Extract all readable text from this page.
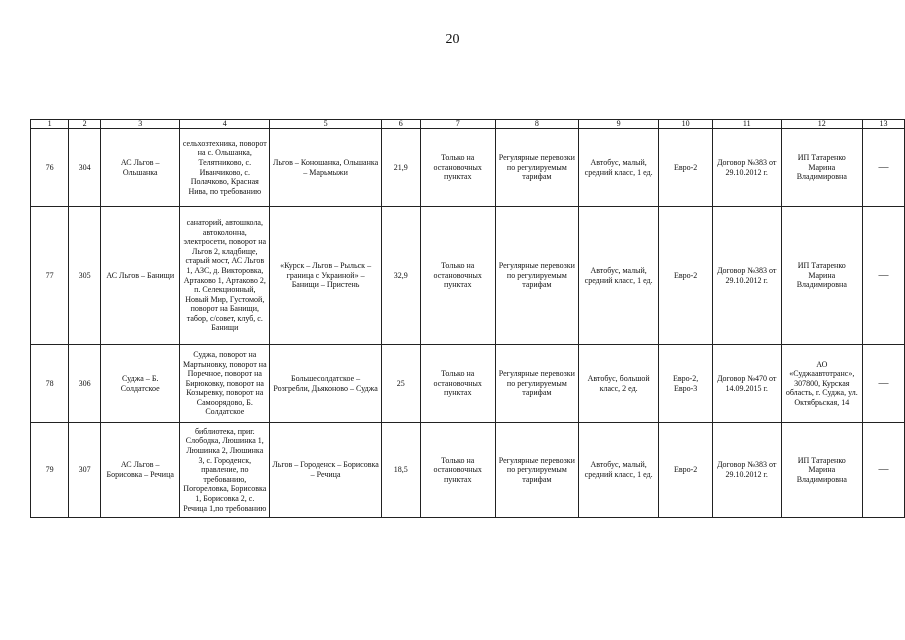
20
1	2	3	4	5	6	7	8	9	10	11	12	13
76	304	АС Льгов – Ольшанка	сельхозтехника, поворот на с. Ольшанка, Телятниково, с. Иванчиково, с. Полачково, Красная Нива, по требованию	Льгов – Коношанка, Ольшанка – Марьмыжи	21,9	Только на остановочных пунктах	Регулярные перевозки по регулируемым тарифам	Автобус, малый, средний класс, 1 ед.	Евро-2	Договор №383 от 29.10.2012 г.	ИП Татаренко Марина Владимировна	—
77	305	АС Льгов – Банищи	санаторий, автошкола, автоколонна, электросети, поворот на Льгов 2, кладбище, старый мост, АС Льгов 1, АЗС, д. Викторовка, Артаково 1, Артаково 2, п. Селекционный, Новый Мир, Густомой, поворот на Банищи, табор, с/совет, клуб, с. Банищи	«Курск – Льгов – Рыльск – граница с Украиной» – Банищи – Пристень	32,9	Только на остановочных пунктах	Регулярные перевозки по регулируемым тарифам	Автобус, малый, средний класс, 1 ед.	Евро-2	Договор №383 от 29.10.2012 г.	ИП Татаренко Марина Владимировна	—
78	306	Суджа – Б. Солдатское	Суджа, поворот на Мартыновку, поворот на Поречное, поворот на Бирюковку, поворот на Козыревку, поворот на Самоорядово, Б. Солдатское	Большесолдатское – Розгребли, Дьяконово – Суджа	25	Только на остановочных пунктах	Регулярные перевозки по регулируемым тарифам	Автобус, большой класс, 2 ед.	Евро-2, Евро-3	Договор №470 от 14.09.2015 г.	АО «Суджаавтотранс», 307800, Курская область, г. Суджа, ул. Октябрьская, 14	—
79	307	АС Льгов – Борисовка – Речица	библиотека, приг. Слободка, Люшинка 1, Люшинка 2, Люшинка 3, с. Городенск, правление, по требованию, Погореловка, Борисовка 1, Борисовка 2, с. Речица 1,по требованию	Льгов – Городенск – Борисовка – Речица	18,5	Только на остановочных пунктах	Регулярные перевозки по регулируемым тарифам	Автобус, малый, средний класс, 1 ед.	Евро-2	Договор №383 от 29.10.2012 г.	ИП Татаренко Марина Владимировна	—
